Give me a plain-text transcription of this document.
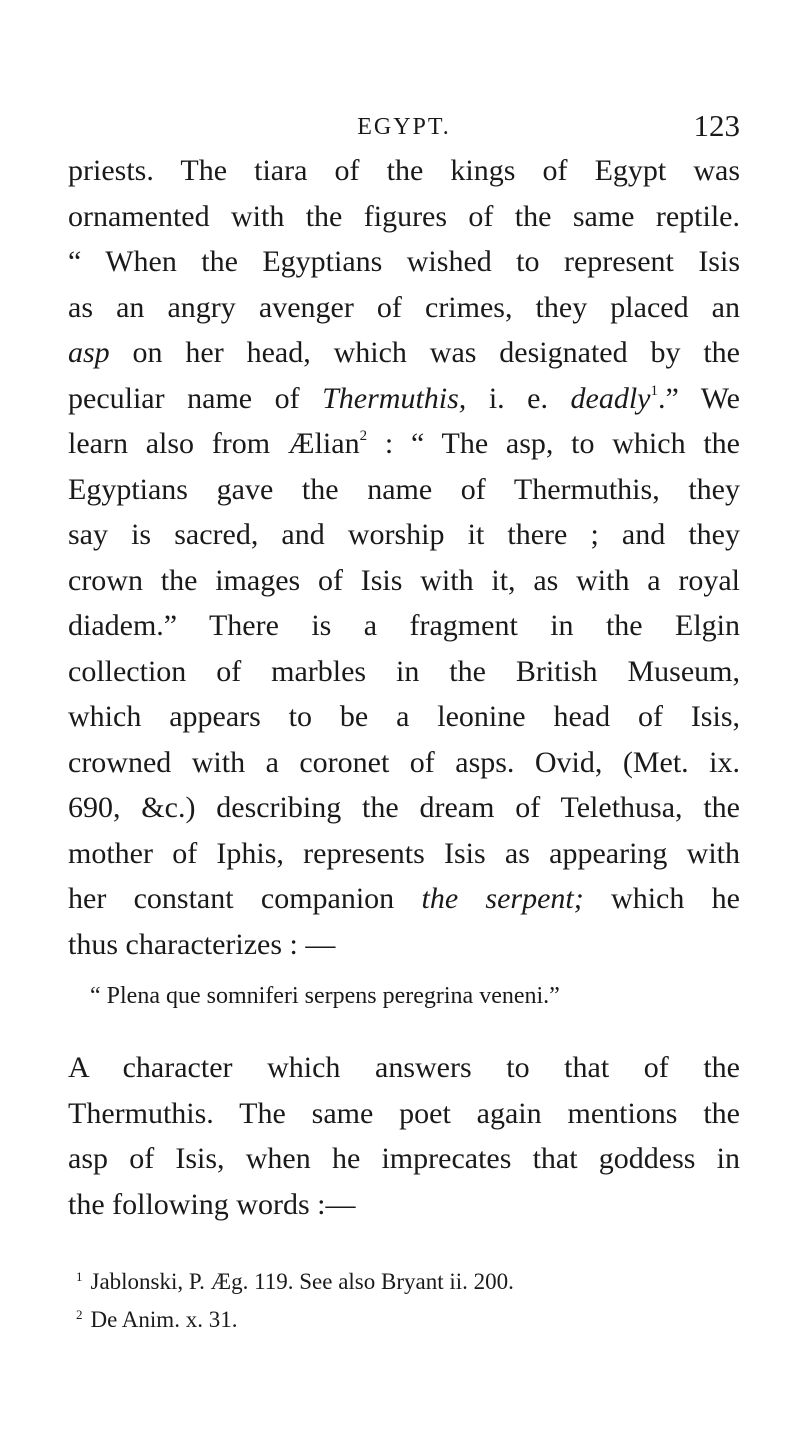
EGYPT.	123
priests. The tiara of the kings of Egypt was
ornamented with the figures of the same reptile.
“ When the Egyptians wished to represent Isis
as an angry avenger of crimes, they placed an
asp on her head, which was designated by the
peculiar name of Thermuthis, i. e. deadly$^1$.” We
learn also from Ælian$^2$ : “ The asp, to which the
Egyptians gave the name of Thermuthis, they
say is sacred, and worship it there ; and they
crown the images of Isis with it, as with a royal
diadem.” There is a fragment in the Elgin
collection of marbles in the British Museum,
which appears to be a leonine head of Isis,
crowned with a coronet of asps. Ovid, (Met. ix.
690, &c.) describing the dream of Telethusa, the
mother of Iphis, represents Isis as appearing with
her constant companion the serpent; which he
thus characterizes : —
“ Plena que somniferi serpens peregrina veneni.”
A character which answers to that of the
Thermuthis. The same poet again mentions the
asp of Isis, when he imprecates that goddess in
the following words :—
$^1$ Jablonski, P. Æg. 119. See also Bryant ii. 200.
$^2$ De Anim. x. 31.
